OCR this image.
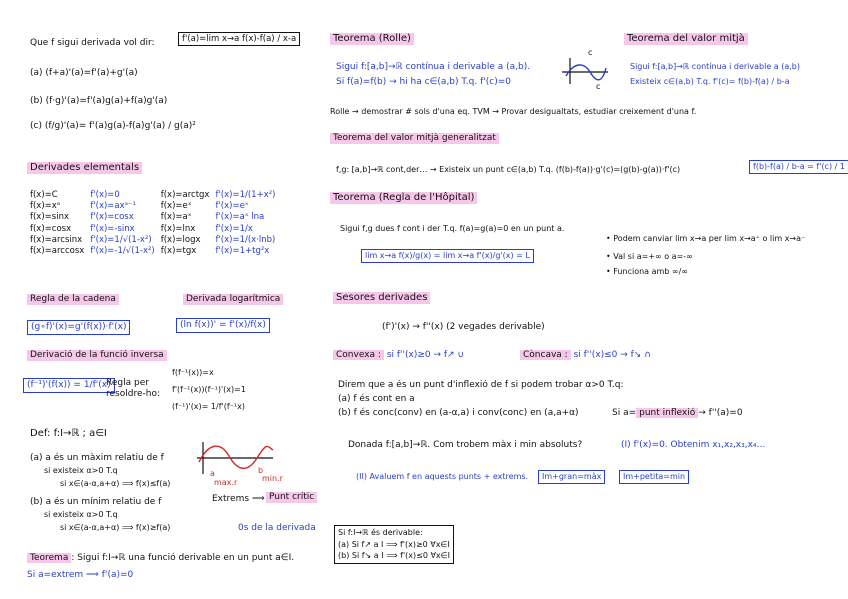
Que f sigui derivada vol dir:	f'(a)=lim x→a f(x)-f(a) / x-a
(a) (f+a)'(a)=f'(a)+g'(a)
(b) (f·g)'(a)=f'(a)g(a)+f(a)g'(a)
(c) (f/g)'(a)= f'(a)g(a)-f(a)g'(a) / g(a)²
Derivades elementals
f(x)=C	f'(x)=0	f(x)=arctgx	f'(x)=1/(1+x²)
f(x)=xᵃ	f'(x)=axᵃ⁻¹	f(x)=eˣ	f'(x)=eˣ
f(x)=sinx	f'(x)=cosx	f(x)=aˣ	f'(x)=aˣ lna
f(x)=cosx	f'(x)=-sinx	f(x)=lnx	f'(x)=1/x
f(x)=arcsinx	f'(x)=1/√(1-x²)	f(x)=logx	f'(x)=1/(x·lnb)
f(x)=arccosx	f'(x)=-1/√(1-x²)	f(x)=tgx	f'(x)=1+tg²x
Regla de la cadena
(g∘f)'(x)=g'(f(x))·f'(x)
Derivada logarítmica
(ln f(x))' = f'(x)/f(x)
Derivació de la funció inversa
(f⁻¹)'(f(x)) = 1/f'(x)
Regla per resoldre-ho:
f(f⁻¹(x))=x
f'(f⁻¹(x))(f⁻¹)'(x)=1
(f⁻¹)'(x)= 1/f'(f⁻¹x)
Def: f:I→ℝ ; a∈I
(a) a és un màxim relatiu de f
si existeix α>0 T.q
si x∈(a-α,a+α) ⟹ f(x)≤f(a)
(b) a és un mínim relatiu de f
si existeix α>0 T.q
si x∈(a-α,a+α) ⟹ f(x)≥f(a)
a	b
max.r	min.r
Extrems ⟹ Punt crític
0s de la derivada
Teorema : Sigui f:I→ℝ una funció derivable en un punt a∈I.
Si a=extrem ⟹ f'(a)=0
Teorema (Rolle)
Sigui f:[a,b]→ℝ contínua i derivable a (a,b).
Si f(a)=f(b) → hi ha c∈(a,b) T.q. f'(c)=0
c
c
Teorema del valor mitjà
Sigui f:[a,b]→ℝ contínua i derivable a (a,b)
Existeix c∈(a,b) T.q. f'(c)= f(b)-f(a) / b-a
Rolle → demostrar # sols d'una eq. TVM → Provar desigualtats, estudiar creixement d'una f.
Teorema del valor mitjà generalitzat
f,g: [a,b]→ℝ cont,der… → Existeix un punt c∈(a,b) T.q. (f(b)-f(a))·g'(c)=(g(b)-g(a))·f'(c)	f(b)-f(a) / b-a = f'(c) / 1
Teorema (Regla de l'Hôpital)
Sigui f,g dues f cont i der T.q. f(a)=g(a)=0 en un punt a.
lim x→a f(x)/g(x) = lim x→a f'(x)/g'(x) = L
• Podem canviar lim x→a per lim x→a⁺ o lim x→a⁻
• Val si a=+∞ o a=-∞
• Funciona amb ∞/∞
Sesores derivades
(f')'(x) → f''(x) (2 vegades derivable)
Convexa : si f''(x)≥0 → f↗ ∪	Còncava : si f''(x)≤0 → f↘ ∩
Direm que a és un punt d'inflexió de f si podem trobar α>0 T.q:
(a) f és cont en a
(b) f és conc(conv) en (a-α,a) i conv(conc) en (a,a+α)	Si a= punt inflexió → f''(a)=0
Donada f:[a,b]→ℝ. Com trobem màx i min absoluts?	(I) f'(x)=0. Obtenim x₁,x₂,x₃,x₄…
(II) Avaluem f en aquests punts + extrems.	Im+gran=màx	Im+petita=min
Si f:I→ℝ és derivable:
(a) Si f↗ a I ⟹ f'(x)≥0 ∀x∈I
(b) Si f↘ a I ⟹ f'(x)≤0 ∀x∈I
